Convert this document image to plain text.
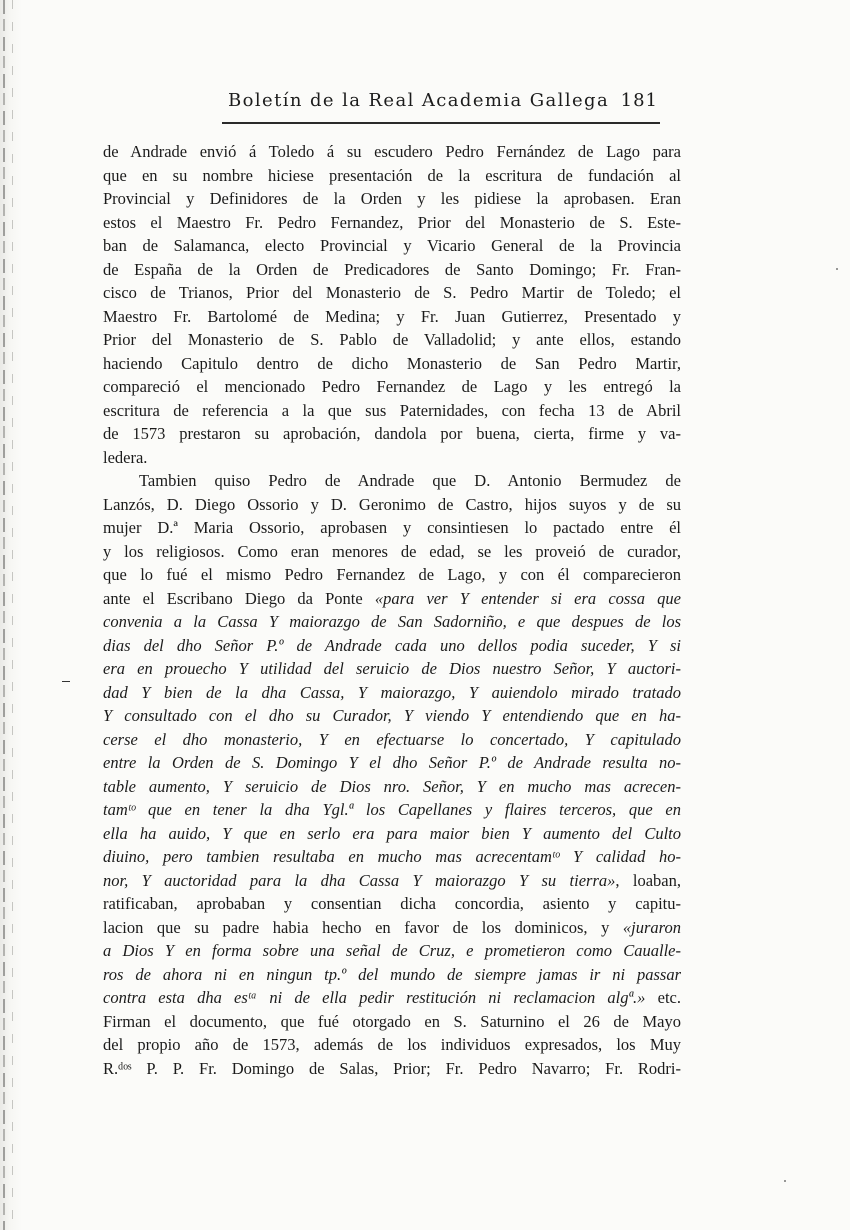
Boletín de la Real Academia Gallega 181
de Andrade envió á Toledo á su escudero Pedro Fernández de Lago para
que en su nombre hiciese presentación de la escritura de fundación al
Provincial y Definidores de la Orden y les pidiese la aprobasen. Eran
estos el Maestro Fr. Pedro Fernandez, Prior del Monasterio de S. Este-
ban de Salamanca, electo Provincial y Vicario General de la Provincia
de España de la Orden de Predicadores de Santo Domingo; Fr. Fran-
cisco de Trianos, Prior del Monasterio de S. Pedro Martir de Toledo; el
Maestro Fr. Bartolomé de Medina; y Fr. Juan Gutierrez, Presentado y
Prior del Monasterio de S. Pablo de Valladolid; y ante ellos, estando
haciendo Capitulo dentro de dicho Monasterio de San Pedro Martir,
compareció el mencionado Pedro Fernandez de Lago y les entregó la
escritura de referencia a la que sus Paternidades, con fecha 13 de Abril
de 1573 prestaron su aprobación, dandola por buena, cierta, firme y va-
ledera.
Tambien quiso Pedro de Andrade que D. Antonio Bermudez de
Lanzós, D. Diego Ossorio y D. Geronimo de Castro, hijos suyos y de su
mujer D.ª Maria Ossorio, aprobasen y consintiesen lo pactado entre él
y los religiosos. Como eran menores de edad, se les proveió de curador,
que lo fué el mismo Pedro Fernandez de Lago, y con él comparecieron
ante el Escribano Diego da Ponte «para ver Y entender si era cossa que
convenia a la Cassa Y maiorazgo de San Sadorniño, e que despues de los
dias del dho Señor P.º de Andrade cada uno dellos podia suceder, Y si
era en prouecho Y utilidad del seruicio de Dios nuestro Señor, Y auctori-
dad Y bien de la dha Cassa, Y maiorazgo, Y auiendolo mirado tratado
Y consultado con el dho su Curador, Y viendo Y entendiendo que en ha-
cerse el dho monasterio, Y en efectuarse lo concertado, Y capitulado
entre la Orden de S. Domingo Y el dho Señor P.º de Andrade resulta no-
table aumento, Y seruicio de Dios nro. Señor, Y en mucho mas acrecen-
tamᵗᵒ que en tener la dha Ygl.ª los Capellanes y flaires terceros, que en
ella ha auido, Y que en serlo era para maior bien Y aumento del Culto
diuino, pero tambien resultaba en mucho mas acrecentamᵗᵒ Y calidad ho-
nor, Y auctoridad para la dha Cassa Y maiorazgo Y su tierra», loaban,
ratificaban, aprobaban y consentian dicha concordia, asiento y capitu-
lacion que su padre habia hecho en favor de los dominicos, y «juraron
a Dios Y en forma sobre una señal de Cruz, e prometieron como Caualle-
ros de ahora ni en ningun tp.º del mundo de siempre jamas ir ni passar
contra esta dha esᵗᵃ ni de ella pedir restitución ni reclamacion algª.» etc.
Firman el documento, que fué otorgado en S. Saturnino el 26 de Mayo
del propio año de 1573, además de los individuos expresados, los Muy
R.ᵈᵒˢ P. P. Fr. Domingo de Salas, Prior; Fr. Pedro Navarro; Fr. Rodri-
